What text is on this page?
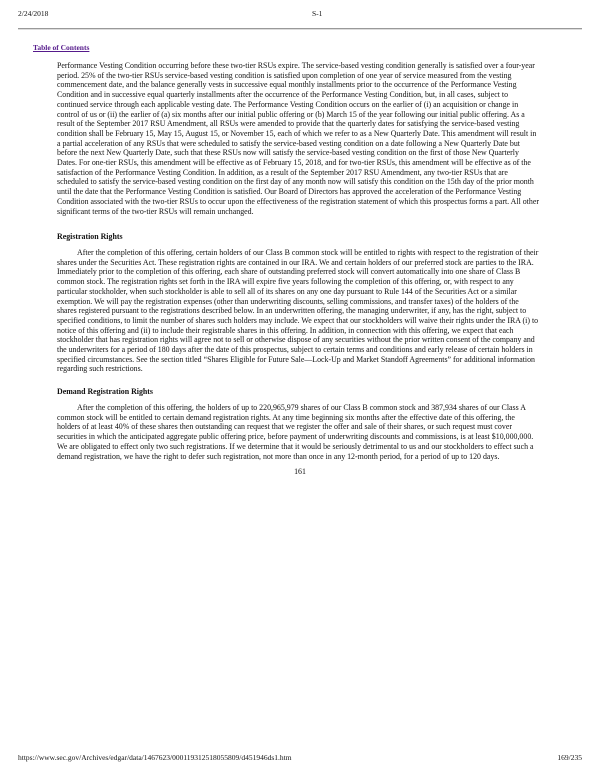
2/24/2018	S-1
Table of Contents
Performance Vesting Condition occurring before these two-tier RSUs expire. The service-based vesting condition generally is satisfied over a four-year
period. 25% of the two-tier RSUs service-based vesting condition is satisfied upon completion of one year of service measured from the vesting
commencement date, and the balance generally vests in successive equal monthly installments prior to the occurrence of the Performance Vesting
Condition and in successive equal quarterly installments after the occurrence of the Performance Vesting Condition, but, in all cases, subject to
continued service through each applicable vesting date. The Performance Vesting Condition occurs on the earlier of (i) an acquisition or change in
control of us or (ii) the earlier of (a) six months after our initial public offering or (b) March 15 of the year following our initial public offering. As a
result of the September 2017 RSU Amendment, all RSUs were amended to provide that the quarterly dates for satisfying the service-based vesting
condition shall be February 15, May 15, August 15, or November 15, each of which we refer to as a New Quarterly Date. This amendment will result in
a partial acceleration of any RSUs that were scheduled to satisfy the service-based vesting condition on a date following a New Quarterly Date but
before the next New Quarterly Date, such that these RSUs now will satisfy the service-based vesting condition on the first of those New Quarterly
Dates. For one-tier RSUs, this amendment will be effective as of February 15, 2018, and for two-tier RSUs, this amendment will be effective as of the
satisfaction of the Performance Vesting Condition. In addition, as a result of the September 2017 RSU Amendment, any two-tier RSUs that are
scheduled to satisfy the service-based vesting condition on the first day of any month now will satisfy this condition on the 15th day of the prior month
until the date that the Performance Vesting Condition is satisfied. Our Board of Directors has approved the acceleration of the Performance Vesting
Condition associated with the two-tier RSUs to occur upon the effectiveness of the registration statement of which this prospectus forms a part. All other
significant terms of the two-tier RSUs will remain unchanged.
Registration Rights
After the completion of this offering, certain holders of our Class B common stock will be entitled to rights with respect to the registration of their
shares under the Securities Act. These registration rights are contained in our IRA. We and certain holders of our preferred stock are parties to the IRA.
Immediately prior to the completion of this offering, each share of outstanding preferred stock will convert automatically into one share of Class B
common stock. The registration rights set forth in the IRA will expire five years following the completion of this offering, or, with respect to any
particular stockholder, when such stockholder is able to sell all of its shares on any one day pursuant to Rule 144 of the Securities Act or a similar
exemption. We will pay the registration expenses (other than underwriting discounts, selling commissions, and transfer taxes) of the holders of the
shares registered pursuant to the registrations described below. In an underwritten offering, the managing underwriter, if any, has the right, subject to
specified conditions, to limit the number of shares such holders may include. We expect that our stockholders will waive their rights under the IRA (i) to
notice of this offering and (ii) to include their registrable shares in this offering. In addition, in connection with this offering, we expect that each
stockholder that has registration rights will agree not to sell or otherwise dispose of any securities without the prior written consent of the company and
the underwriters for a period of 180 days after the date of this prospectus, subject to certain terms and conditions and early release of certain holders in
specified circumstances. See the section titled “Shares Eligible for Future Sale—Lock-Up and Market Standoff Agreements” for additional information
regarding such restrictions.
Demand Registration Rights
After the completion of this offering, the holders of up to 220,965,979 shares of our Class B common stock and 387,934 shares of our Class A
common stock will be entitled to certain demand registration rights. At any time beginning six months after the effective date of this offering, the
holders of at least 40% of these shares then outstanding can request that we register the offer and sale of their shares, or such request must cover
securities in which the anticipated aggregate public offering price, before payment of underwriting discounts and commissions, is at least $10,000,000.
We are obligated to effect only two such registrations. If we determine that it would be seriously detrimental to us and our stockholders to effect such a
demand registration, we have the right to defer such registration, not more than once in any 12-month period, for a period of up to 120 days.
161
https://www.sec.gov/Archives/edgar/data/1467623/000119312518055809/d451946ds1.htm	169/235
